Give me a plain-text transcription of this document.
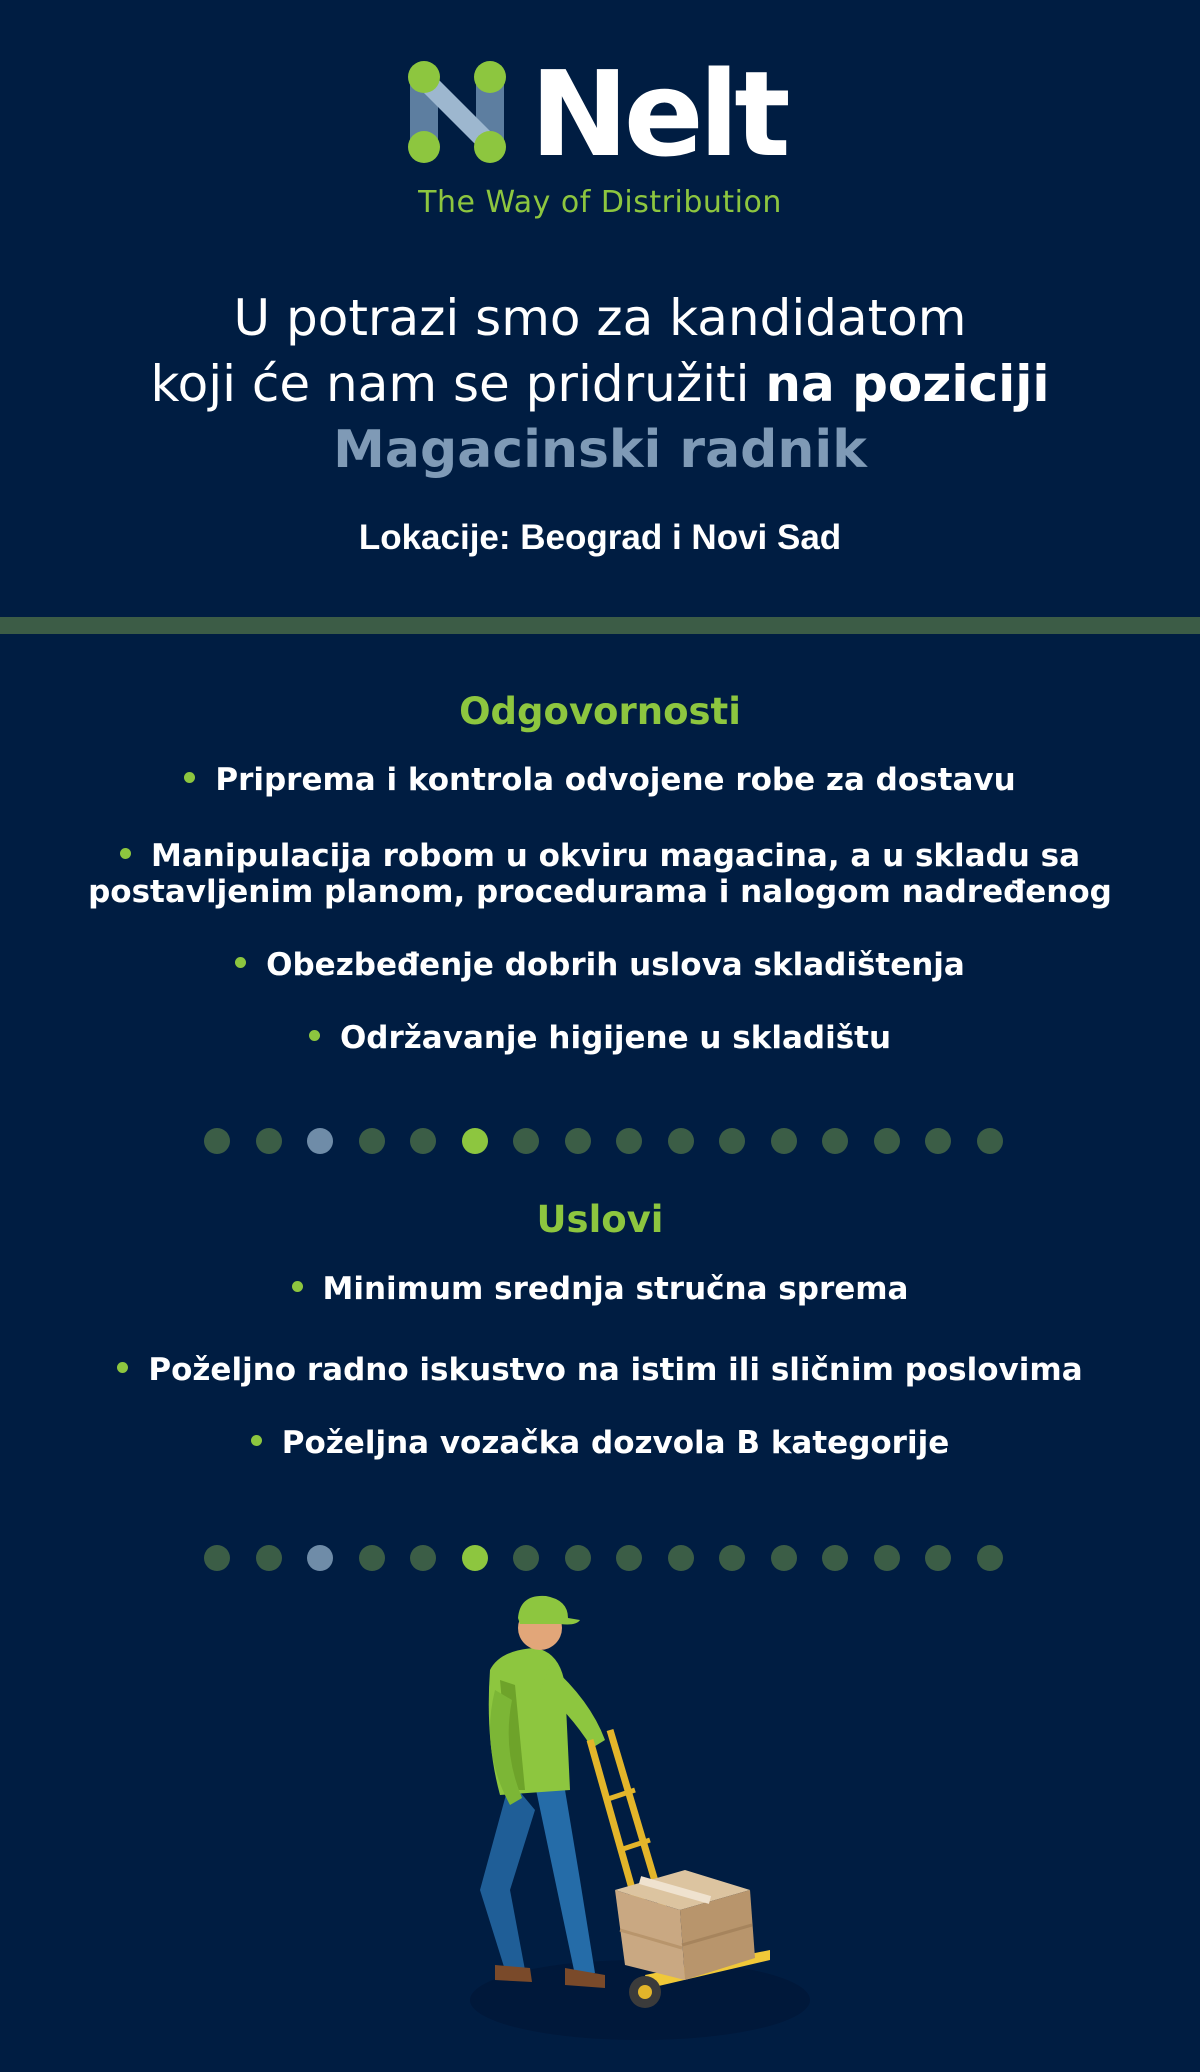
Nelt
The Way of Distribution
U potrazi smo za kandidatom
koji će nam se pridružiti na poziciji
Magacinski radnik
Lokacije: Beograd i Novi Sad
Odgovornosti
Priprema i kontrola odvojene robe za dostavu
Manipulacija robom u okviru magacina, a u skladu sa postavljenim planom, procedurama i nalogom nadređenog
Obezbeđenje dobrih uslova skladištenja
Održavanje higijene u skladištu
Uslovi
Minimum srednja stručna sprema
Poželjno radno iskustvo na istim ili sličnim poslovima
Poželjna vozačka dozvola B kategorije
